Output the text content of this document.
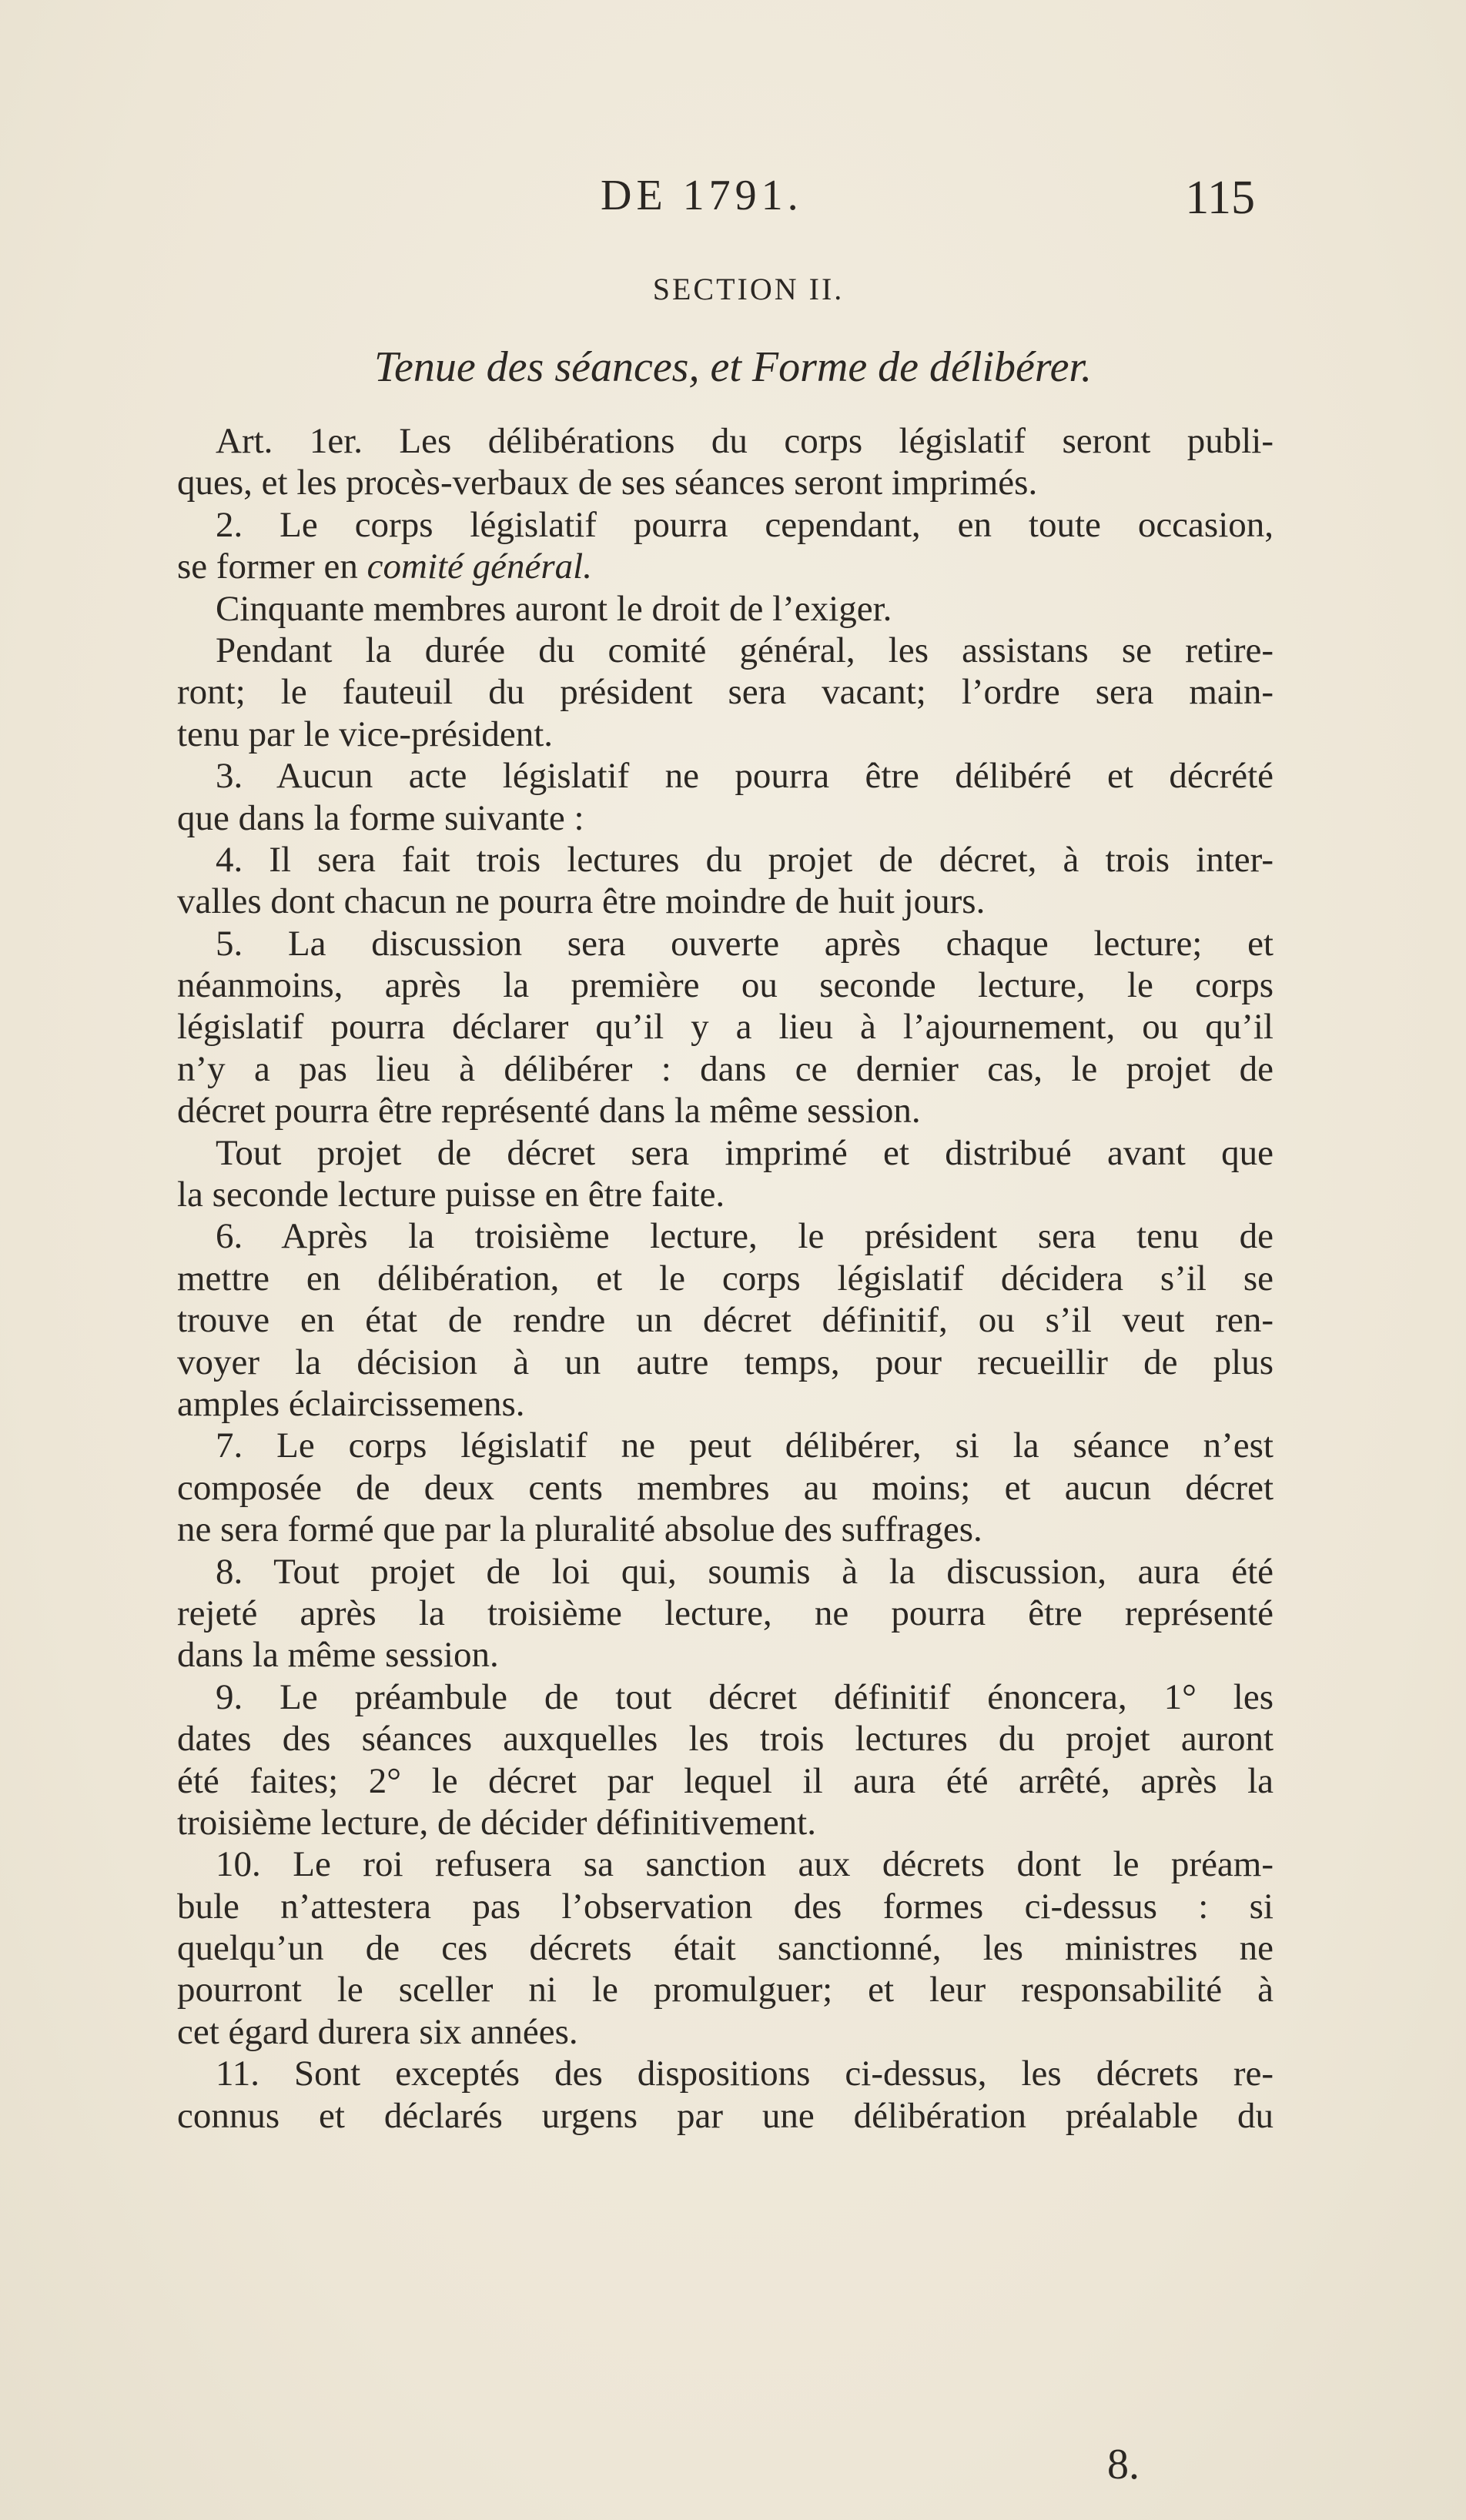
DE 1791.	115
SECTION II.
Tenue des séances, et Forme de délibérer.
Art. 1er. Les délibérations du corps législatif seront publi-
ques, et les procès-verbaux de ses séances seront imprimés.
2. Le corps législatif pourra cependant, en toute occasion,
se former en comité général.
Cinquante membres auront le droit de l’exiger.
Pendant la durée du comité général, les assistans se retire-
ront; le fauteuil du président sera vacant; l’ordre sera main-
tenu par le vice-président.
3. Aucun acte législatif ne pourra être délibéré et décrété
que dans la forme suivante :
4. Il sera fait trois lectures du projet de décret, à trois inter-
valles dont chacun ne pourra être moindre de huit jours.
5. La discussion sera ouverte après chaque lecture; et
néanmoins, après la première ou seconde lecture, le corps
législatif pourra déclarer qu’il y a lieu à l’ajournement, ou qu’il
n’y a pas lieu à délibérer : dans ce dernier cas, le projet de
décret pourra être représenté dans la même session.
Tout projet de décret sera imprimé et distribué avant que
la seconde lecture puisse en être faite.
6. Après la troisième lecture, le président sera tenu de
mettre en délibération, et le corps législatif décidera s’il se
trouve en état de rendre un décret définitif, ou s’il veut ren-
voyer la décision à un autre temps, pour recueillir de plus
amples éclaircissemens.
7. Le corps législatif ne peut délibérer, si la séance n’est
composée de deux cents membres au moins; et aucun décret
ne sera formé que par la pluralité absolue des suffrages.
8. Tout projet de loi qui, soumis à la discussion, aura été
rejeté après la troisième lecture, ne pourra être représenté
dans la même session.
9. Le préambule de tout décret définitif énoncera, 1° les
dates des séances auxquelles les trois lectures du projet auront
été faites; 2° le décret par lequel il aura été arrêté, après la
troisième lecture, de décider définitivement.
10. Le roi refusera sa sanction aux décrets dont le préam-
bule n’attestera pas l’observation des formes ci-dessus : si
quelqu’un de ces décrets était sanctionné, les ministres ne
pourront le sceller ni le promulguer; et leur responsabilité à
cet égard durera six années.
11. Sont exceptés des dispositions ci-dessus, les décrets re-
connus et déclarés urgens par une délibération préalable du
8.
